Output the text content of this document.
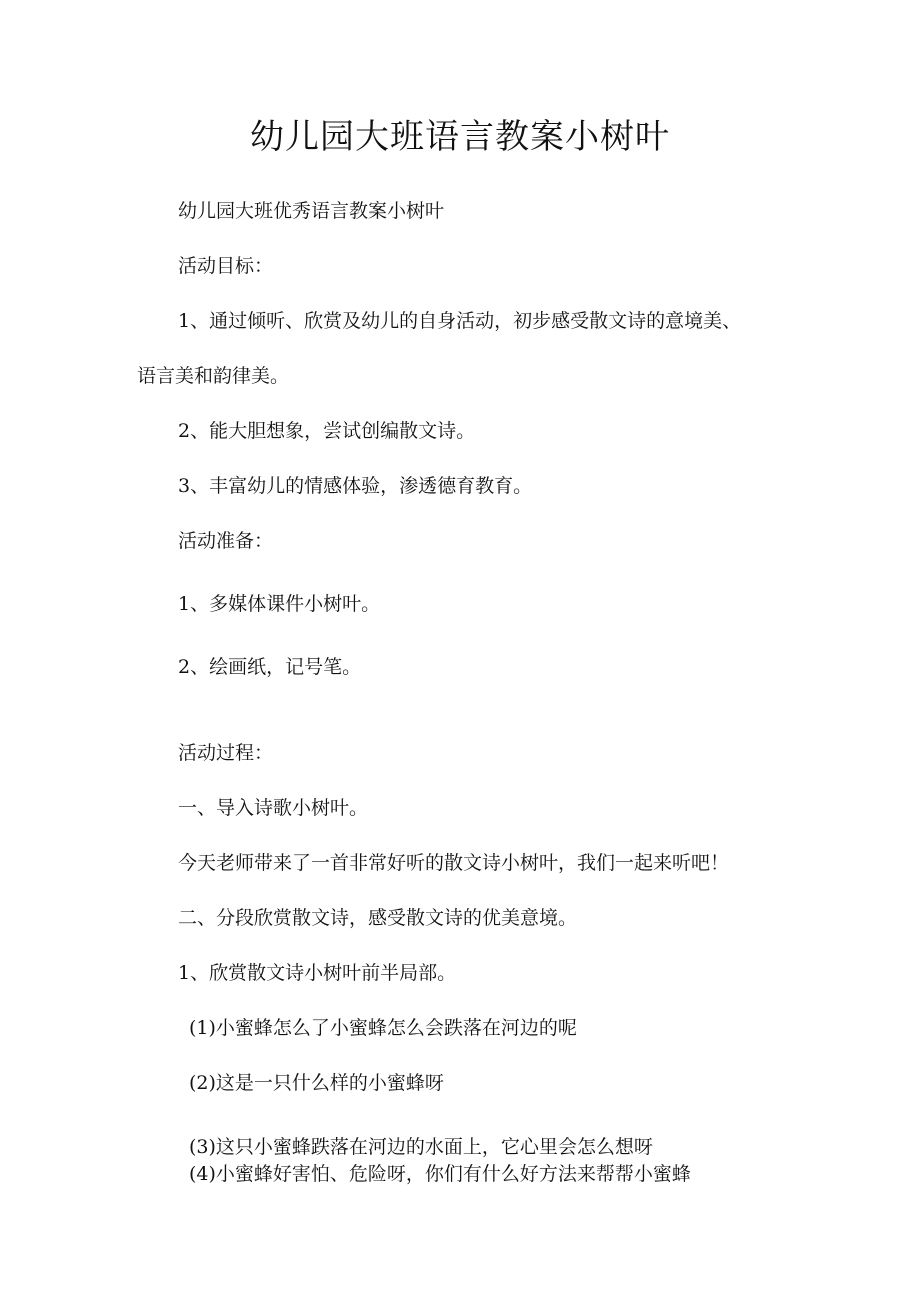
幼儿园大班语言教案小树叶

幼儿园大班优秀语言教案小树叶

活动目标：

1、通过倾听、欣赏及幼儿的自身活动，初步感受散文诗的意境美、

语言美和韵律美。

2、能大胆想象，尝试创编散文诗。

3、丰富幼儿的情感体验，渗透德育教育。

活动准备：

1、多媒体课件小树叶。

2、绘画纸，记号笔。

活动过程：

一、导入诗歌小树叶。

今天老师带来了一首非常好听的散文诗小树叶，我们一起来听吧！

二、分段欣赏散文诗，感受散文诗的优美意境。

1、欣赏散文诗小树叶前半局部。

(1)小蜜蜂怎么了小蜜蜂怎么会跌落在河边的呢

(2)这是一只什么样的小蜜蜂呀

(3)这只小蜜蜂跌落在河边的水面上，它心里会怎么想呀

(4)小蜜蜂好害怕、危险呀，你们有什么好方法来帮帮小蜜蜂
